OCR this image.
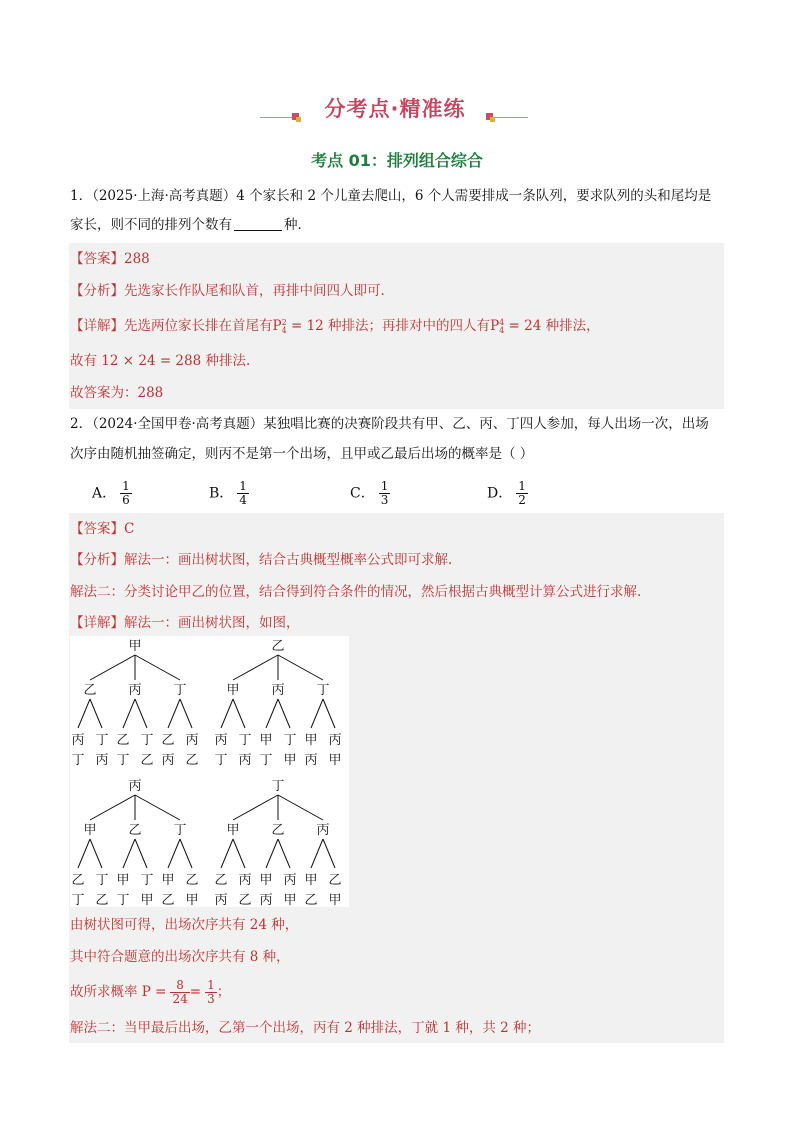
分考点·精准练
考点 01：排列组合综合
1．（2025·上海·高考真题）4 个家长和 2 个儿童去爬山，6 个人需要排成一条队列，要求队列的头和尾均是
家长，则不同的排列个数有	种．
【答案】288
【分析】先选家长作队尾和队首，再排中间四人即可.
【详解】先选两位家长排在首尾有P 2
4 = 12 种排法；再排对中的四人有P 4
4 = 24 种排法，
故有 12 × 24 = 288 种排法.
故答案为：288
2．（2024·全国甲卷·高考真题）某独唱比赛的决赛阶段共有甲、乙、丙、丁四人参加，每人出场一次，出场
次序由随机抽签确定，则丙不是第一个出场，且甲或乙最后出场的概率是（ ）
A． $\frac{1}{6}$	B． $\frac{1}{4}$	C． $\frac{1}{3}$	D． $\frac{1}{2}$
【答案】C
【分析】解法一：画出树状图，结合古典概型概率公式即可求解.
解法二：分类讨论甲乙的位置，结合得到符合条件的情况，然后根据古典概型计算公式进行求解.
【详解】解法一：画出树状图，如图，
甲
乙
丙
丁
丁
丙
丙
乙
丁
丁
乙
丁
乙
丙
丙
乙
乙
甲
丙
丁
丁
丙
丙
甲
丁
丁
甲
丁
甲
丙
丙
甲
丙
甲
乙
丁
丁
乙
乙
甲
丁
丁
甲
丁
甲
乙
乙
甲
丁
甲
乙
丙
丙
乙
乙
甲
丙
丙
甲
丙
甲
乙
乙
甲
由树状图可得，出场次序共有 24 种，
其中符合题意的出场次序共有 8 种，
故所求概率 $P = \frac{8}{24} = \frac{1}{3}$ ；
解法二：当甲最后出场，乙第一个出场，丙有 2 种排法，丁就 1 种，共 2 种；
